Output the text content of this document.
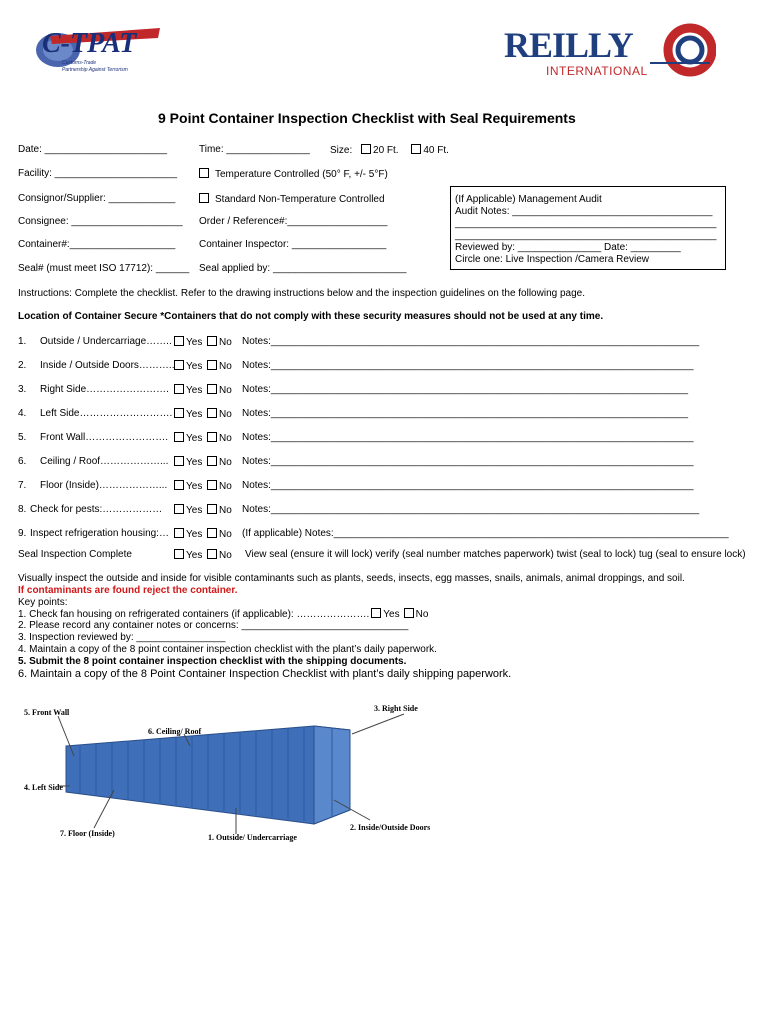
C-TPAT
Customs-Trade
Partnership Against Terrorism
REILLY
INTERNATIONAL
9 Point Container Inspection Checklist with Seal Requirements
Date: ______________________	Time: _______________ Size: 20 Ft. 40 Ft.
Facility: ______________________	Temperature Controlled (50° F, +/- 5°F)
Consignor/Supplier: ____________	Standard Non-Temperature Controlled
Consignee: ____________________ Order / Reference#:__________________
Container#:___________________ Container Inspector: _________________
Seal# (must meet ISO 17712): ______ Seal applied by: ________________________
(If Applicable) Management Audit
Audit Notes: ____________________________________
_______________________________________________
_______________________________________________
Reviewed by: _______________ Date: _________
Circle one: Live Inspection /Camera Review
Instructions: Complete the checklist. Refer to the drawing instructions below and the inspection guidelines on the following page.
Location of Container Secure *Containers that do not comply with these security measures should not be used at any time.
1. Outside / Undercarriage……..	Yes	No Notes:_____________________________________________________________________________
2. Inside / Outside Doors………..	Yes	No Notes:____________________________________________________________________________
3. Right Side…………………….	Yes	No Notes:___________________________________________________________________________
4. Left Side……………………….	Yes	No Notes:___________________________________________________________________________
5. Front Wall…………………….	Yes	No Notes:____________________________________________________________________________
6. Ceiling / Roof………………...	Yes	No Notes:____________________________________________________________________________
7. Floor (Inside)………………...	Yes	No Notes:____________________________________________________________________________
8. Check for pests:………………	Yes	No Notes:_____________________________________________________________________________
9. Inspect refrigeration housing:…	Yes	No (If applicable) Notes:_______________________________________________________________________
Seal Inspection Complete	Yes	No View seal (ensure it will lock) verify (seal number matches paperwork) twist (seal to lock) tug (seal to ensure lock)
Visually inspect the outside and inside for visible contaminants such as plants, seeds, insects, egg masses, snails, animals, animal droppings, and soil.
If contaminants are found reject the container.
Key points:
1. Check fan housing on refrigerated containers (if applicable): …………………. Yes No
2. Please record any container notes or concerns: ______________________________
3. Inspection reviewed by: ________________
4. Maintain a copy of the 8 point container inspection checklist with the plant’s daily paperwork.
5. Submit the 8 point container inspection checklist with the shipping documents.
6. Maintain a copy of the 8 Point Container Inspection Checklist with plant’s daily shipping paperwork.
5. Front Wall
6. Ceiling/ Roof
3. Right Side
4. Left Side
7. Floor (Inside)	1. Outside/ Undercarriage
2. Inside/Outside Doors
